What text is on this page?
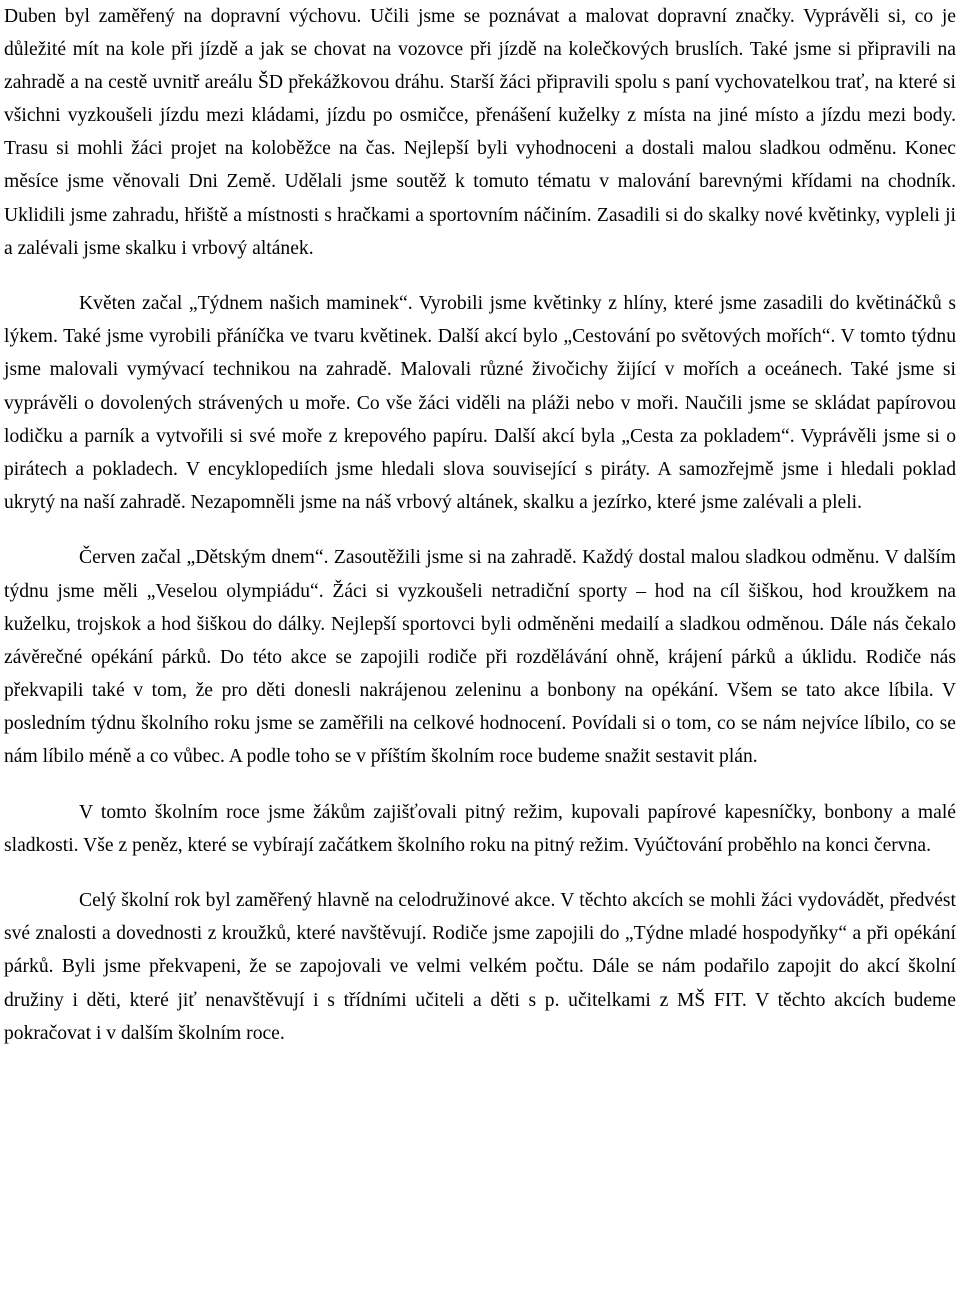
Duben byl zaměřený na dopravní výchovu. Učili jsme se poznávat a malovat dopravní značky. Vyprávěli si, co je důležité mít na kole při jízdě a jak se chovat na vozovce při jízdě na kolečkových bruslích. Také jsme si připravili na zahradě a na cestě uvnitř areálu ŠD překážkovou dráhu. Starší žáci připravili spolu s paní vychovatelkou trať, na které si všichni vyzkoušeli jízdu mezi kládami, jízdu po osmičce, přenášení kuželky z místa na jiné místo a jízdu mezi body. Trasu si mohli žáci projet na koloběžce na čas. Nejlepší byli vyhodnoceni a dostali malou sladkou odměnu. Konec měsíce jsme věnovali Dni Země. Udělali jsme soutěž k tomuto tématu v malování barevnými křídami na chodník. Uklidili jsme zahradu, hřiště a místnosti s hračkami a sportovním náčiním. Zasadili si do skalky nové květinky, vypleli ji a zalévali jsme skalku i vrbový altánek.

Květen začal „Týdnem našich maminek“. Vyrobili jsme květinky z hlíny, které jsme zasadili do květináčků s lýkem. Také jsme vyrobili přáníčka ve tvaru květinek. Další akcí bylo „Cestování po světových mořích“. V tomto týdnu jsme malovali vymývací technikou na zahradě. Malovali různé živočichy žijící v mořích a oceánech. Také jsme si vyprávěli o dovolených strávených u moře. Co vše žáci viděli na pláži nebo v moři. Naučili jsme se skládat papírovou lodičku a parník a vytvořili si své moře z krepového papíru. Další akcí byla „Cesta za pokladem“. Vyprávěli jsme si o pirátech a pokladech. V encyklopediích jsme hledali slova související s piráty. A samozřejmě jsme i hledali poklad ukrytý na naší zahradě. Nezapomněli jsme na náš vrbový altánek, skalku a jezírko, které jsme zalévali a pleli.

Červen začal „Dětským dnem“. Zasoutěžili jsme si na zahradě. Každý dostal malou sladkou odměnu. V dalším týdnu jsme měli „Veselou olympiádu“. Žáci si vyzkoušeli netradiční sporty – hod na cíl šiškou, hod kroužkem na kuželku, trojskok a hod šiškou do dálky. Nejlepší sportovci byli odměněni medailí a sladkou odměnou. Dále nás čekalo závěrečné opékání párků. Do této akce se zapojili rodiče při rozdělávání ohně, krájení párků a úklidu. Rodiče nás překvapili také v tom, že pro děti donesli nakrájenou zeleninu a bonbony na opékání. Všem se tato akce líbila. V posledním týdnu školního roku jsme se zaměřili na celkové hodnocení. Povídali si o tom, co se nám nejvíce líbilo, co se nám líbilo méně a co vůbec. A podle toho se v příštím školním roce budeme snažit sestavit plán.

V tomto školním roce jsme žákům zajišťovali pitný režim, kupovali papírové kapesníčky, bonbony a malé sladkosti. Vše z peněz, které se vybírají začátkem školního roku na pitný režim. Vyúčtování proběhlo na konci června.

Celý školní rok byl zaměřený hlavně na celodružinové akce. V těchto akcích se mohli žáci vydovádět, předvést své znalosti a dovednosti z kroužků, které navštěvují. Rodiče jsme zapojili do „Týdne mladé hospodyňky“ a při opékání párků. Byli jsme překvapeni, že se zapojovali ve velmi velkém počtu. Dále se nám podařilo zapojit do akcí školní družiny i děti, které jiť nenavštěvují i s třídními učiteli a děti s p. učitelkami z MŠ FIT. V těchto akcích budeme pokračovat i v dalším školním roce.
